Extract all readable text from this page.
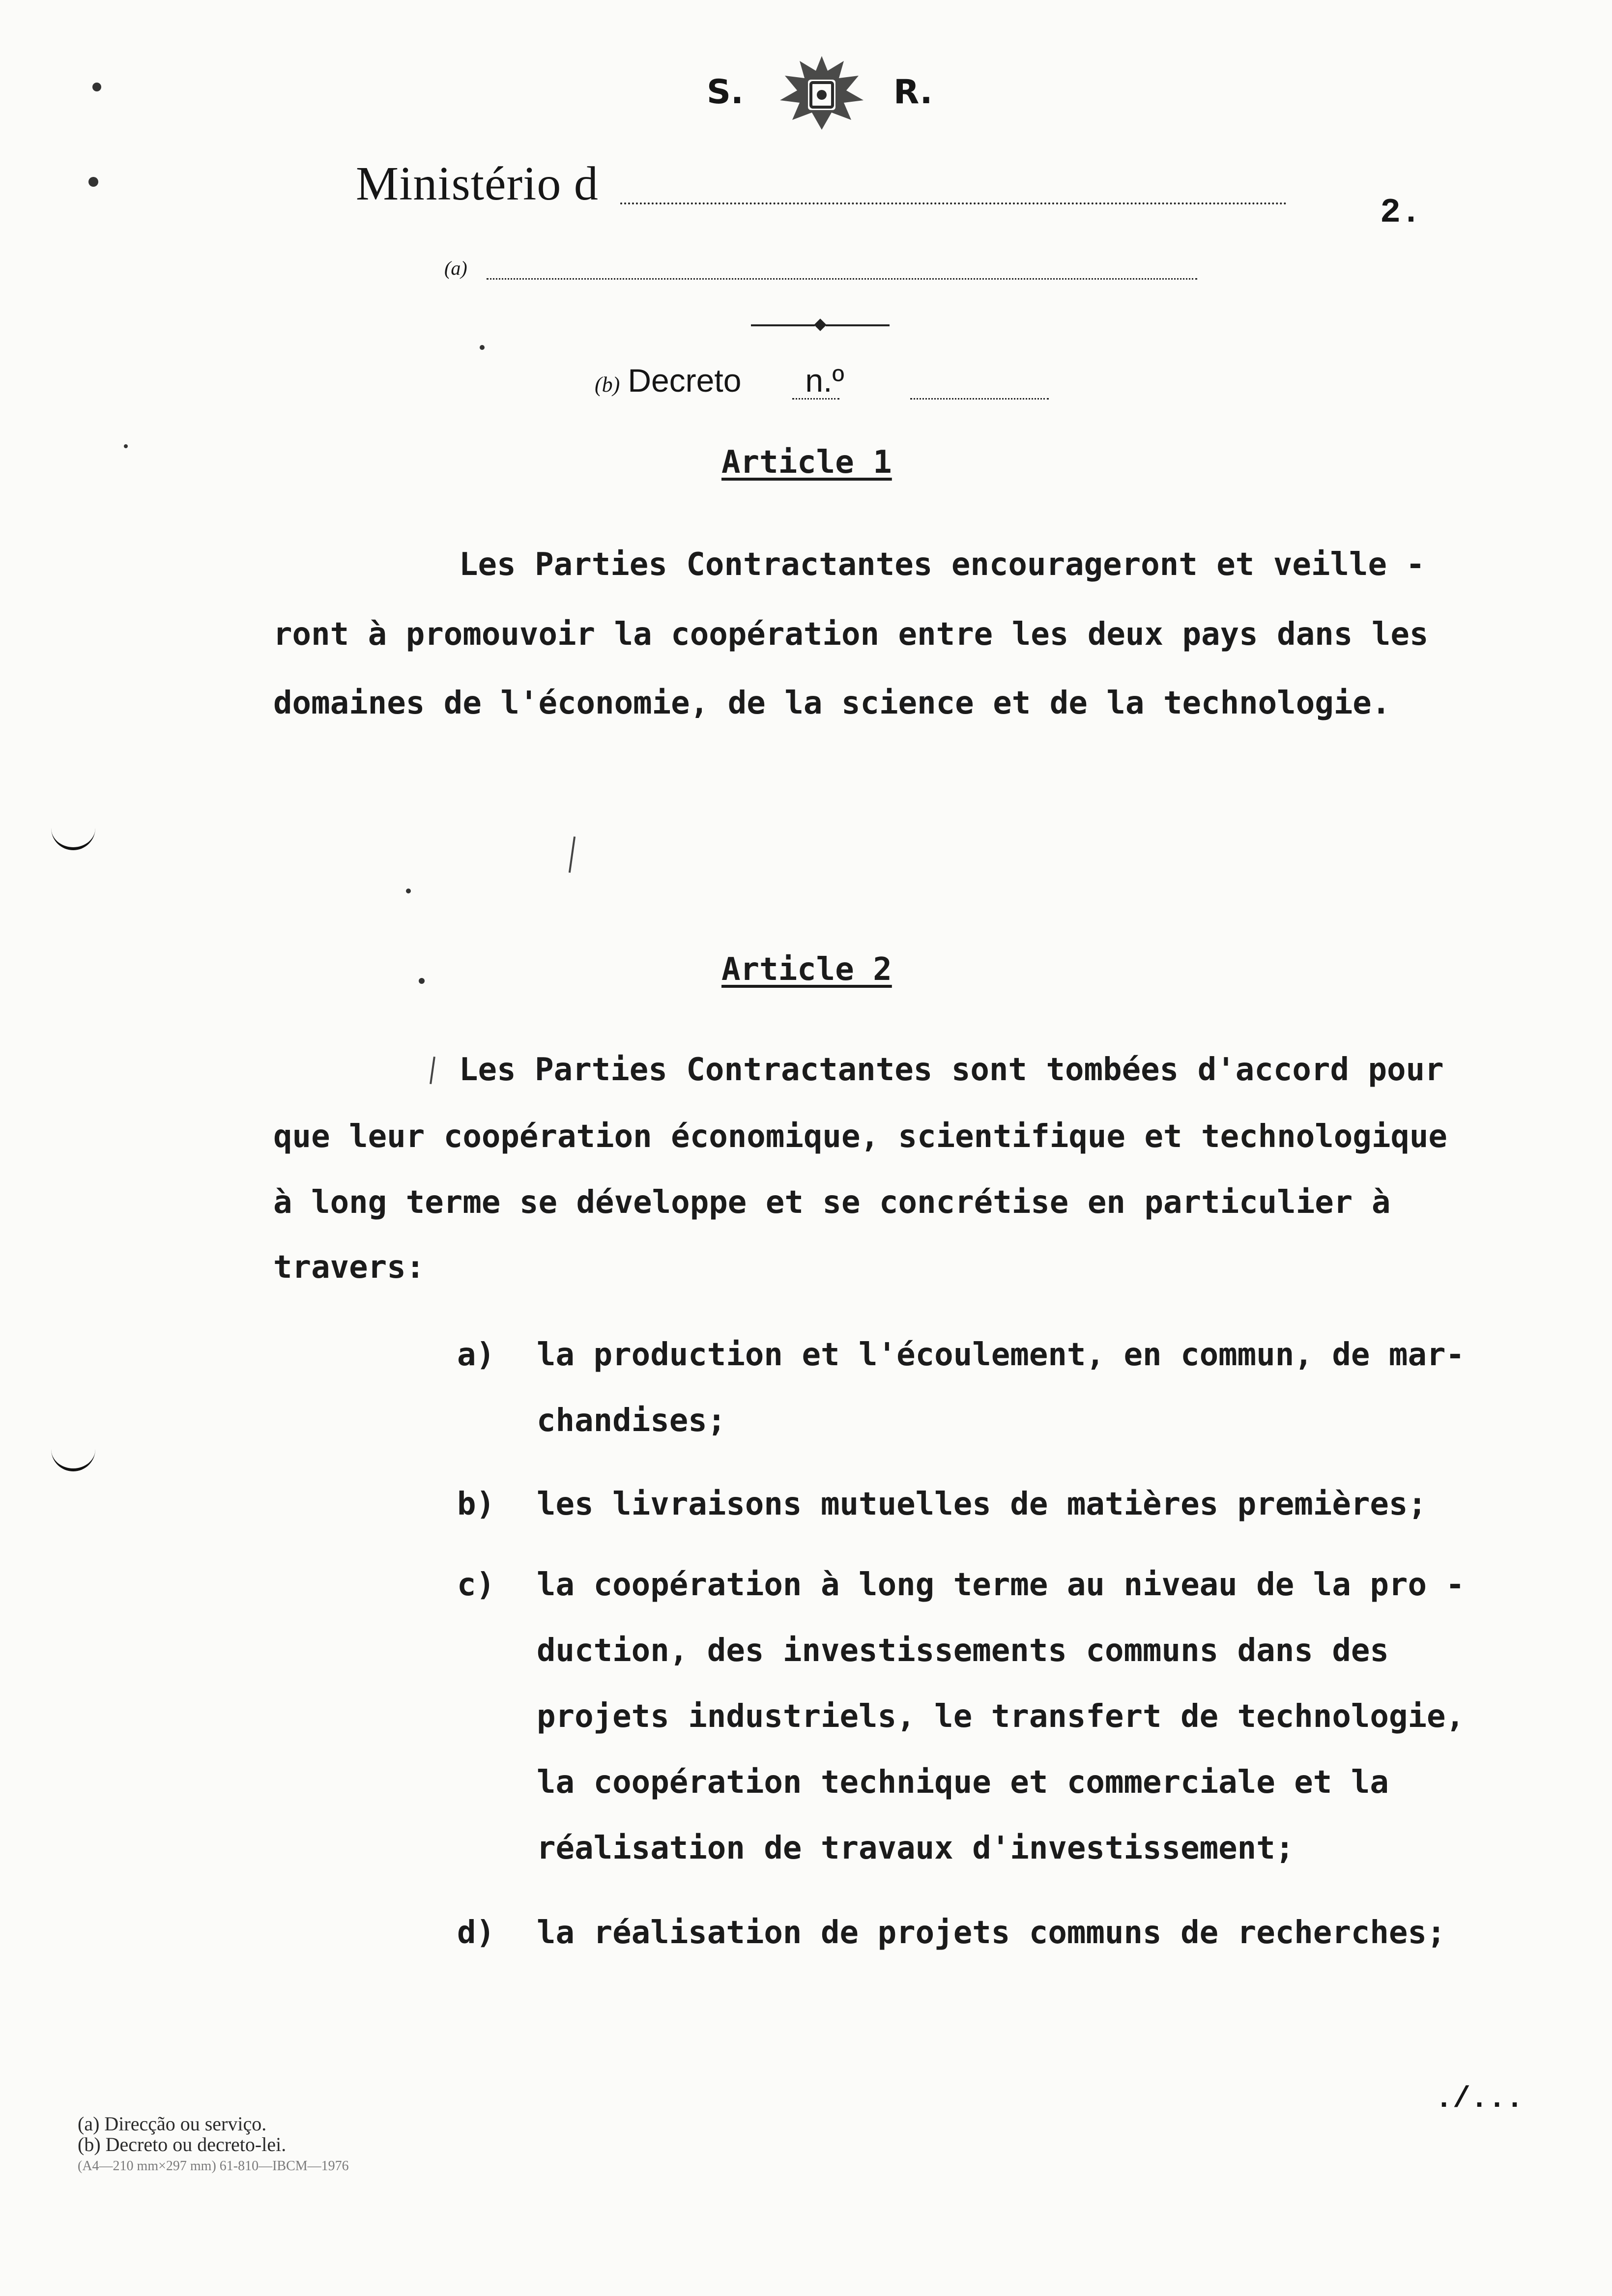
S.	R.
Ministério d
2.
(a)
(b) Decreto n.º
Article 1
Les Parties Contractantes encourageront et veille -
ront à promouvoir la coopération entre les deux pays dans les
domaines de l'économie, de la science et de la technologie.
Article 2
Les Parties Contractantes sont tombées d'accord pour
que leur coopération économique, scientifique et technologique
à long terme se développe et se concrétise en particulier à
travers:
a) la production et l'écoulement, en commun, de mar-
chandises;
b) les livraisons mutuelles de matières premières;
c) la coopération à long terme au niveau de la pro -
duction, des investissements communs dans des
projets industriels, le transfert de technologie,
la coopération technique et commerciale et la
réalisation de travaux d'investissement;
d) la réalisation de projets communs de recherches;
(a) Direcção ou serviço.
(b) Decreto ou decreto-lei.
(A4—210 mm×297 mm) 61-810—IBCM—1976
./...
